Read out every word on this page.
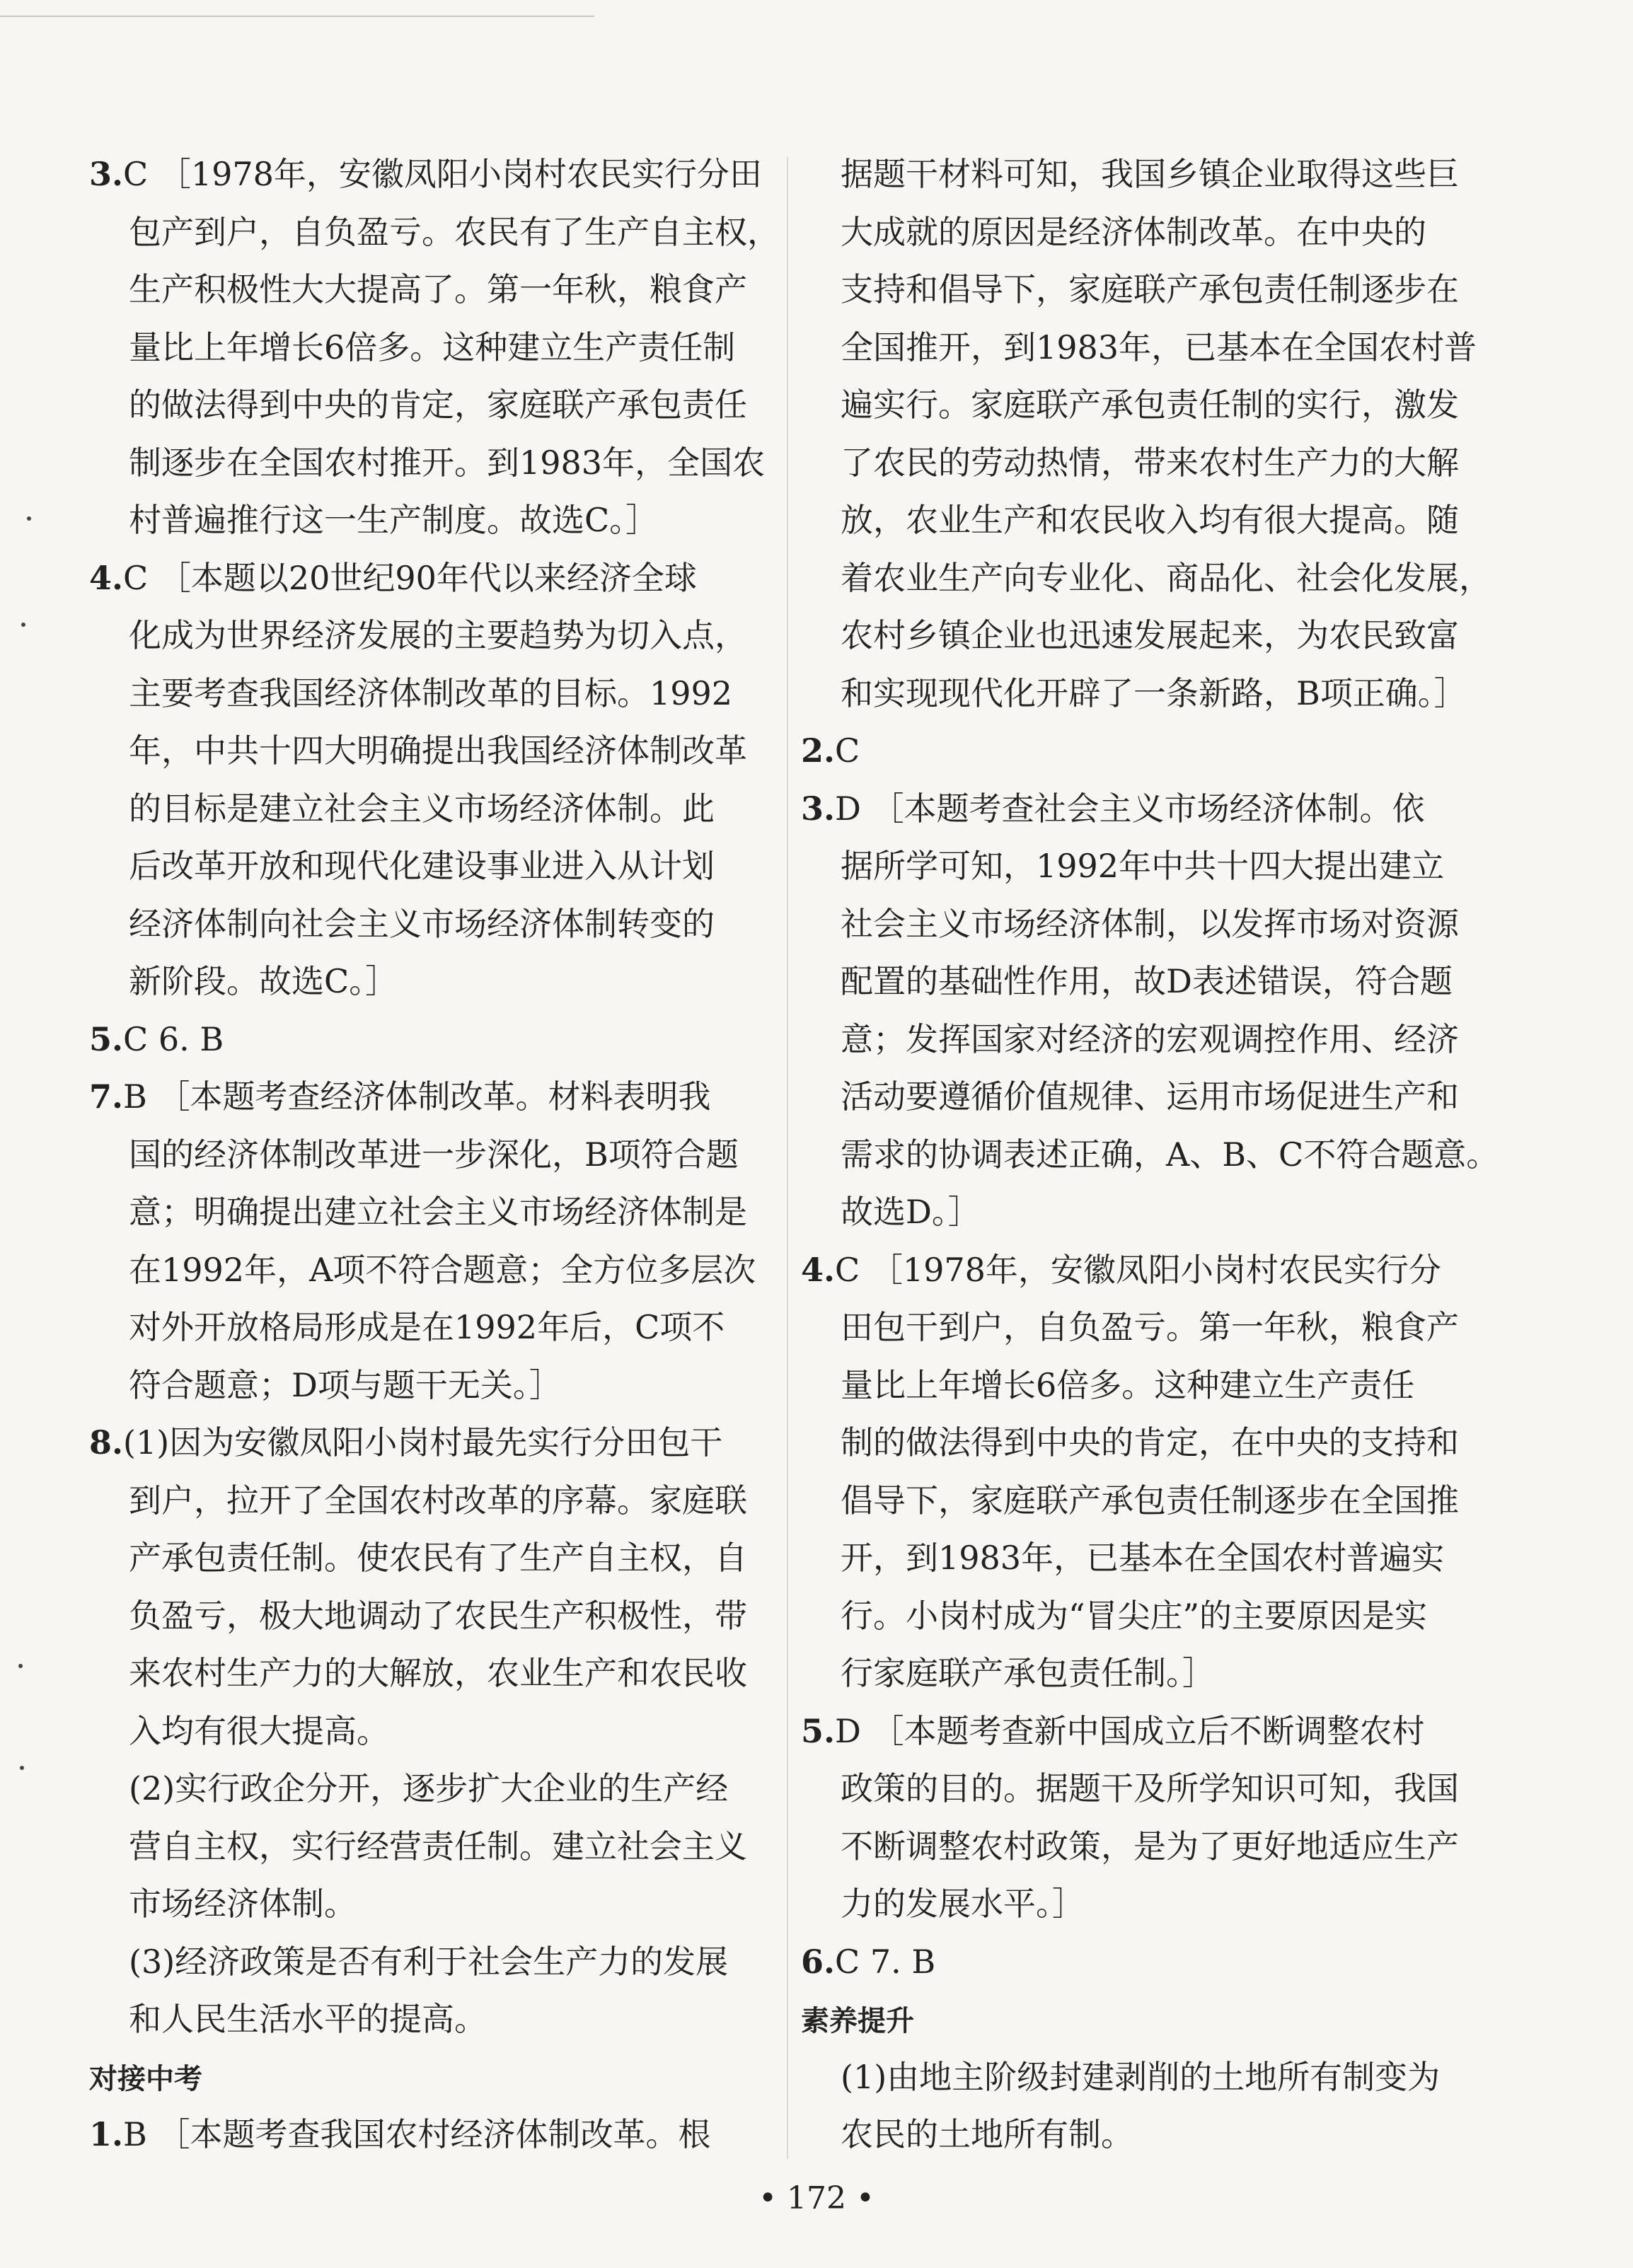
3.C ［1978年，安徽凤阳小岗村农民实行分田
包产到户，自负盈亏。农民有了生产自主权，
生产积极性大大提高了。第一年秋，粮食产
量比上年增长6倍多。这种建立生产责任制
的做法得到中央的肯定，家庭联产承包责任
制逐步在全国农村推开。到1983年，全国农
村普遍推行这一生产制度。故选C。］
4.C ［本题以20世纪90年代以来经济全球
化成为世界经济发展的主要趋势为切入点，
主要考查我国经济体制改革的目标。1992
年，中共十四大明确提出我国经济体制改革
的目标是建立社会主义市场经济体制。此
后改革开放和现代化建设事业进入从计划
经济体制向社会主义市场经济体制转变的
新阶段。故选C。］
5.C 6. B
7.B ［本题考查经济体制改革。材料表明我
国的经济体制改革进一步深化，B项符合题
意；明确提出建立社会主义市场经济体制是
在1992年，A项不符合题意；全方位多层次
对外开放格局形成是在1992年后，C项不
符合题意；D项与题干无关。］
8.(1)因为安徽凤阳小岗村最先实行分田包干
到户，拉开了全国农村改革的序幕。家庭联
产承包责任制。使农民有了生产自主权，自
负盈亏，极大地调动了农民生产积极性，带
来农村生产力的大解放，农业生产和农民收
入均有很大提高。
(2)实行政企分开，逐步扩大企业的生产经
营自主权，实行经营责任制。建立社会主义
市场经济体制。
(3)经济政策是否有利于社会生产力的发展
和人民生活水平的提高。
对接中考
1.B ［本题考查我国农村经济体制改革。根
据题干材料可知，我国乡镇企业取得这些巨
大成就的原因是经济体制改革。在中央的
支持和倡导下，家庭联产承包责任制逐步在
全国推开，到1983年，已基本在全国农村普
遍实行。家庭联产承包责任制的实行，激发
了农民的劳动热情，带来农村生产力的大解
放，农业生产和农民收入均有很大提高。随
着农业生产向专业化、商品化、社会化发展，
农村乡镇企业也迅速发展起来，为农民致富
和实现现代化开辟了一条新路，B项正确。］
2.C
3.D ［本题考查社会主义市场经济体制。依
据所学可知，1992年中共十四大提出建立
社会主义市场经济体制，以发挥市场对资源
配置的基础性作用，故D表述错误，符合题
意；发挥国家对经济的宏观调控作用、经济
活动要遵循价值规律、运用市场促进生产和
需求的协调表述正确，A、B、C不符合题意。
故选D。］
4.C ［1978年，安徽凤阳小岗村农民实行分
田包干到户，自负盈亏。第一年秋，粮食产
量比上年增长6倍多。这种建立生产责任
制的做法得到中央的肯定，在中央的支持和
倡导下，家庭联产承包责任制逐步在全国推
开，到1983年，已基本在全国农村普遍实
行。小岗村成为“冒尖庄”的主要原因是实
行家庭联产承包责任制。］
5.D ［本题考查新中国成立后不断调整农村
政策的目的。据题干及所学知识可知，我国
不断调整农村政策，是为了更好地适应生产
力的发展水平。］
6.C 7. B
素养提升
(1)由地主阶级封建剥削的土地所有制变为
农民的土地所有制。
• 172 •
